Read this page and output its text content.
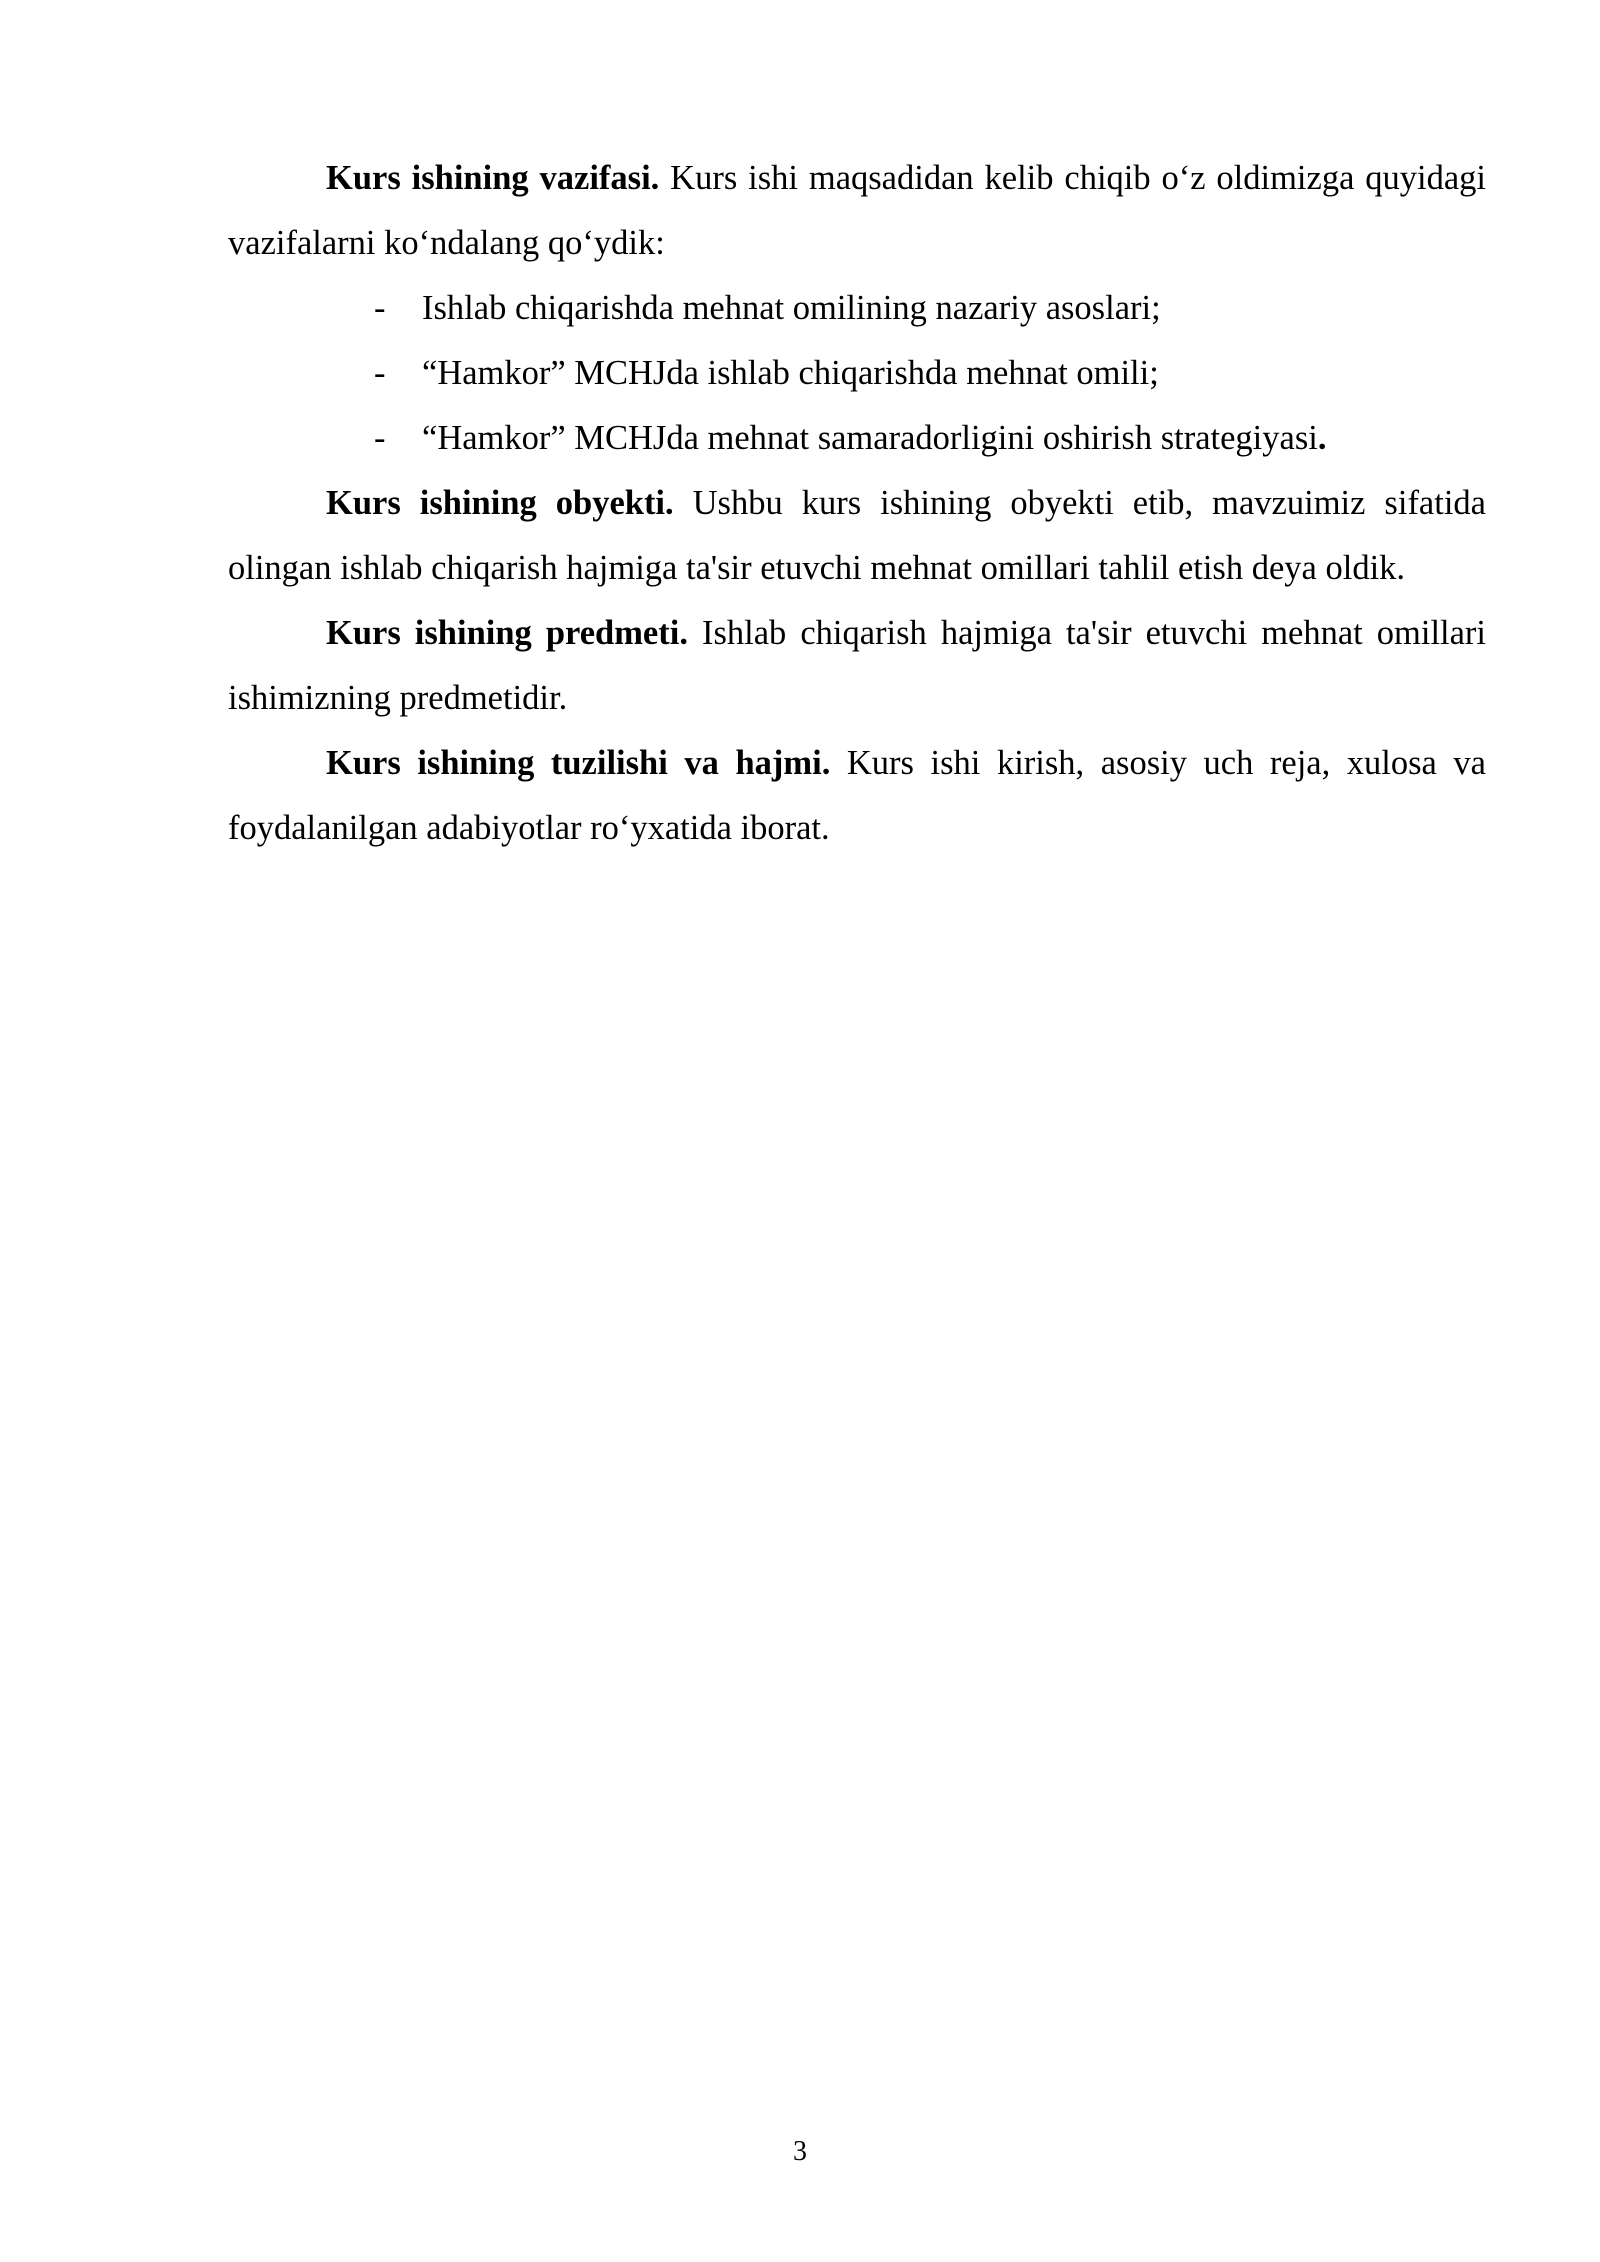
Kurs ishining vazifasi. Kurs ishi maqsadidan kelib chiqib o‘z oldimizga quyidagi vazifalarni ko‘ndalang qo‘ydik:

- Ishlab chiqarishda mehnat omilining nazariy asoslari;
- “Hamkor” MCHJda ishlab chiqarishda mehnat omili;
- “Hamkor” MCHJda mehnat samaradorligini oshirish strategiyasi.

Kurs ishining obyekti. Ushbu kurs ishining obyekti etib, mavzuimiz sifatida olingan ishlab chiqarish hajmiga ta'sir etuvchi mehnat omillari tahlil etish deya oldik.

Kurs ishining predmeti. Ishlab chiqarish hajmiga ta'sir etuvchi mehnat omillari ishimizning predmetidir.

Kurs ishining tuzilishi va hajmi. Kurs ishi kirish, asosiy uch reja, xulosa va foydalanilgan adabiyotlar ro‘yxatida iborat.

3
